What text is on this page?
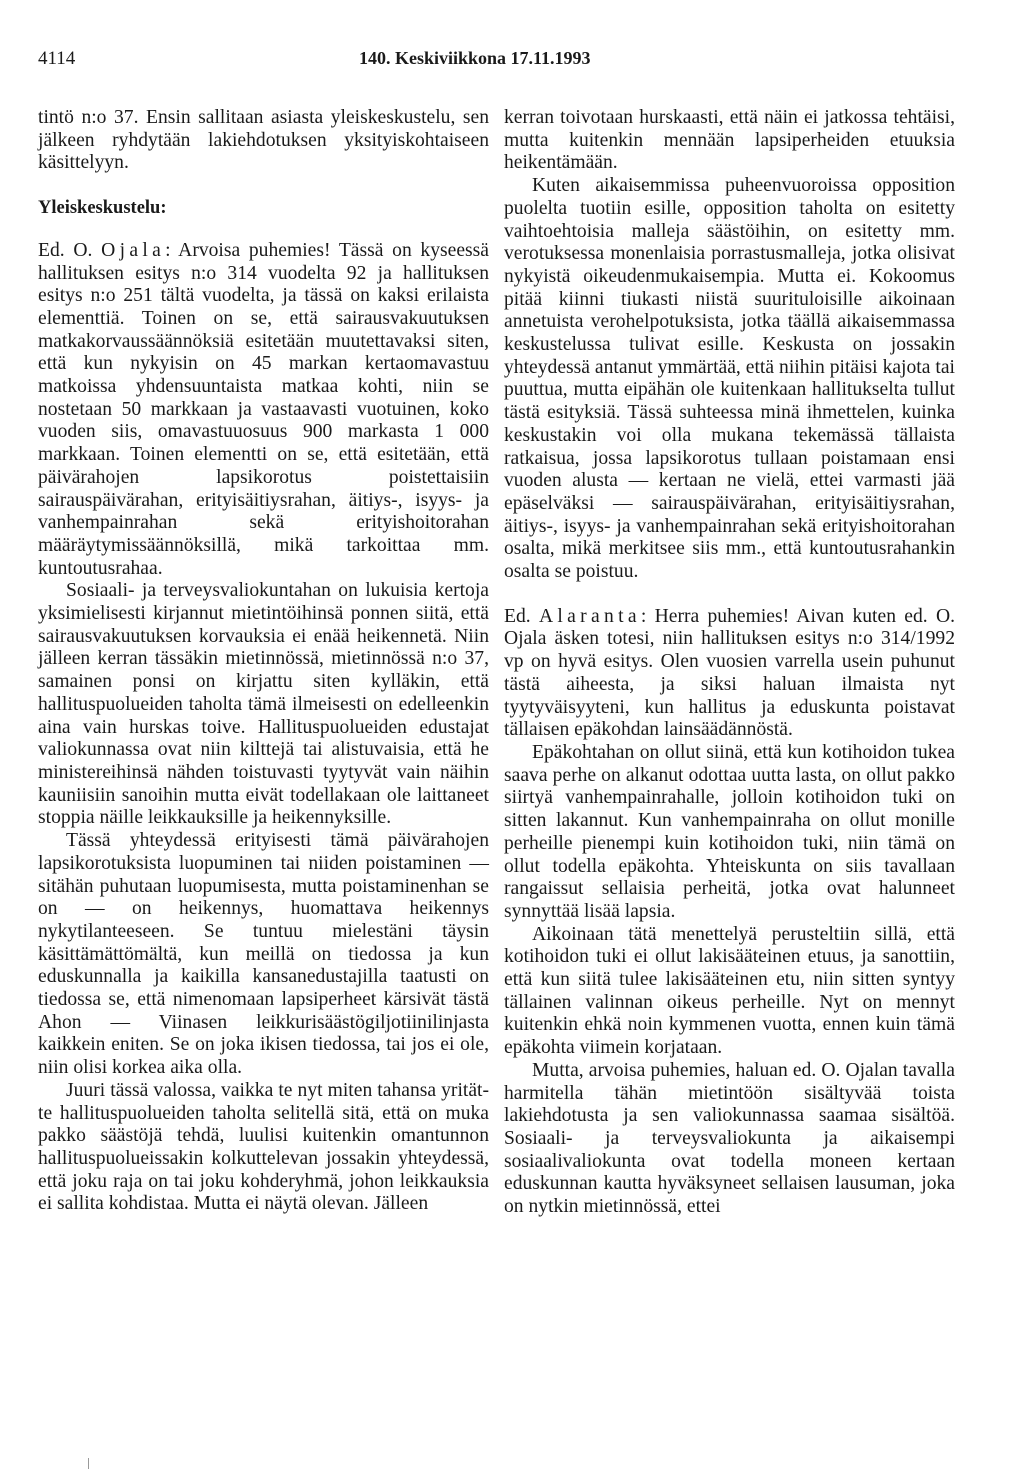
4114	140. Keskiviikkona 17.11.1993

tintö n:o 37. Ensin sallitaan asiasta yleiskeskustelu, sen jälkeen ryhdytään lakiehdotuksen yksityiskohtaiseen käsittelyyn.

Yleiskeskustelu:

Ed. O. Ojala: Arvoisa puhemies! Tässä on kyseessä hallituksen esitys n:o 314 vuodelta 92 ja hallituksen esitys n:o 251 tältä vuodelta, ja tässä on kaksi erilaista elementtiä. Toinen on se, että sairausvakuutuksen matkakorvaussäännöksiä esitetään muutettavaksi siten, että kun nykyisin on 45 markan kertaomavastuu matkoissa yhdensuuntaista matkaa kohti, niin se nostetaan 50 markkaan ja vastaavasti vuotuinen, koko vuoden siis, omavastuuosuus 900 markasta 1 000 markkaan. Toinen elementti on se, että esitetään, että päivärahojen lapsikorotus poistettaisiin sairauspäivärahan, erityisäitiysrahan, äitiys-, isyys- ja vanhempainrahan sekä erityishoitorahan määräytymissäännöksillä, mikä tarkoittaa mm. kuntoutusrahaa.

Sosiaali- ja terveysvaliokuntahan on lukuisia kertoja yksimielisesti kirjannut mietintöihinsä ponnen siitä, että sairausvakuutuksen korvauksia ei enää heikennetä. Niin jälleen kerran tässäkin mietinnössä, mietinnössä n:o 37, samainen ponsi on kirjattu siten kylläkin, että hallituspuolueiden taholta tämä ilmeisesti on edelleenkin aina vain hurskas toive. Hallituspuolueiden edustajat valiokunnassa ovat niin kilttejä tai alistuvaisia, että he ministereihinsä nähden toistuvasti tyytyvät vain näihin kauniisiin sanoihin mutta eivät todellakaan ole laittaneet stoppia näille leikkauksille ja heikennyksille.

Tässä yhteydessä erityisesti tämä päivärahojen lapsikorotuksista luopuminen tai niiden poistaminen — sitähän puhutaan luopumisesta, mutta poistaminenhan se on — on heikennys, huomattava heikennys nykytilanteeseen. Se tuntuu mielestäni täysin käsittämättömältä, kun meillä on tiedossa ja kun eduskunnalla ja kaikilla kansanedustajilla taatusti on tiedossa se, että nimenomaan lapsiperheet kärsivät tästä Ahon — Viinasen leikkurisäästögiljotiinilinjasta kaikkein eniten. Se on joka ikisen tiedossa, tai jos ei ole, niin olisi korkea aika olla.

Juuri tässä valossa, vaikka te nyt miten tahansa yritätte hallituspuolueiden taholta selitellä sitä, että on muka pakko säästöjä tehdä, luulisi kuitenkin omantunnon hallituspuolueissakin kolkuttelevan jossakin yhteydessä, että joku raja on tai joku kohderyhmä, johon leikkauksia ei sallita kohdistaa. Mutta ei näytä olevan. Jälleen

kerran toivotaan hurskaasti, että näin ei jatkossa tehtäisi, mutta kuitenkin mennään lapsiperheiden etuuksia heikentämään.

Kuten aikaisemmissa puheenvuoroissa opposition puolelta tuotiin esille, opposition taholta on esitetty vaihtoehtoisia malleja säästöihin, on esitetty mm. verotuksessa monenlaisia porrastusmalleja, jotka olisivat nykyistä oikeudenmukaisempia. Mutta ei. Kokoomus pitää kiinni tiukasti niistä suurituloisille aikoinaan annetuista verohelpotuksista, jotka täällä aikaisemmassa keskustelussa tulivat esille. Keskusta on jossakin yhteydessä antanut ymmärtää, että niihin pitäisi kajota tai puuttua, mutta eipähän ole kuitenkaan hallitukselta tullut tästä esityksiä. Tässä suhteessa minä ihmettelen, kuinka keskustakin voi olla mukana tekemässä tällaista ratkaisua, jossa lapsikorotus tullaan poistamaan ensi vuoden alusta — kertaan ne vielä, ettei varmasti jää epäselväksi — sairauspäivärahan, erityisäitiysrahan, äitiys-, isyys- ja vanhempainrahan sekä erityishoitorahan osalta, mikä merkitsee siis mm., että kuntoutusrahankin osalta se poistuu.

Ed. Alaranta: Herra puhemies! Aivan kuten ed. O. Ojala äsken totesi, niin hallituksen esitys n:o 314/1992 vp on hyvä esitys. Olen vuosien varrella usein puhunut tästä aiheesta, ja siksi haluan ilmaista nyt tyytyväisyyteni, kun hallitus ja eduskunta poistavat tällaisen epäkohdan lainsäädännöstä.

Epäkohtahan on ollut siinä, että kun kotihoidon tukea saava perhe on alkanut odottaa uutta lasta, on ollut pakko siirtyä vanhempainrahalle, jolloin kotihoidon tuki on sitten lakannut. Kun vanhempainraha on ollut monille perheille pienempi kuin kotihoidon tuki, niin tämä on ollut todella epäkohta. Yhteiskunta on siis tavallaan rangaissut sellaisia perheitä, jotka ovat halunneet synnyttää lisää lapsia.

Aikoinaan tätä menettelyä perusteltiin sillä, että kotihoidon tuki ei ollut lakisääteinen etuus, ja sanottiin, että kun siitä tulee lakisääteinen etu, niin sitten syntyy tällainen valinnan oikeus perheille. Nyt on mennyt kuitenkin ehkä noin kymmenen vuotta, ennen kuin tämä epäkohta viimein korjataan.

Mutta, arvoisa puhemies, haluan ed. O. Ojalan tavalla harmitella tähän mietintöön sisältyvää toista lakiehdotusta ja sen valiokunnassa saamaa sisältöä. Sosiaali- ja terveysvaliokunta ja aikaisempi sosiaalivaliokunta ovat todella moneen kertaan eduskunnan kautta hyväksyneet sellaisen lausuman, joka on nytkin mietinnössä, ettei
